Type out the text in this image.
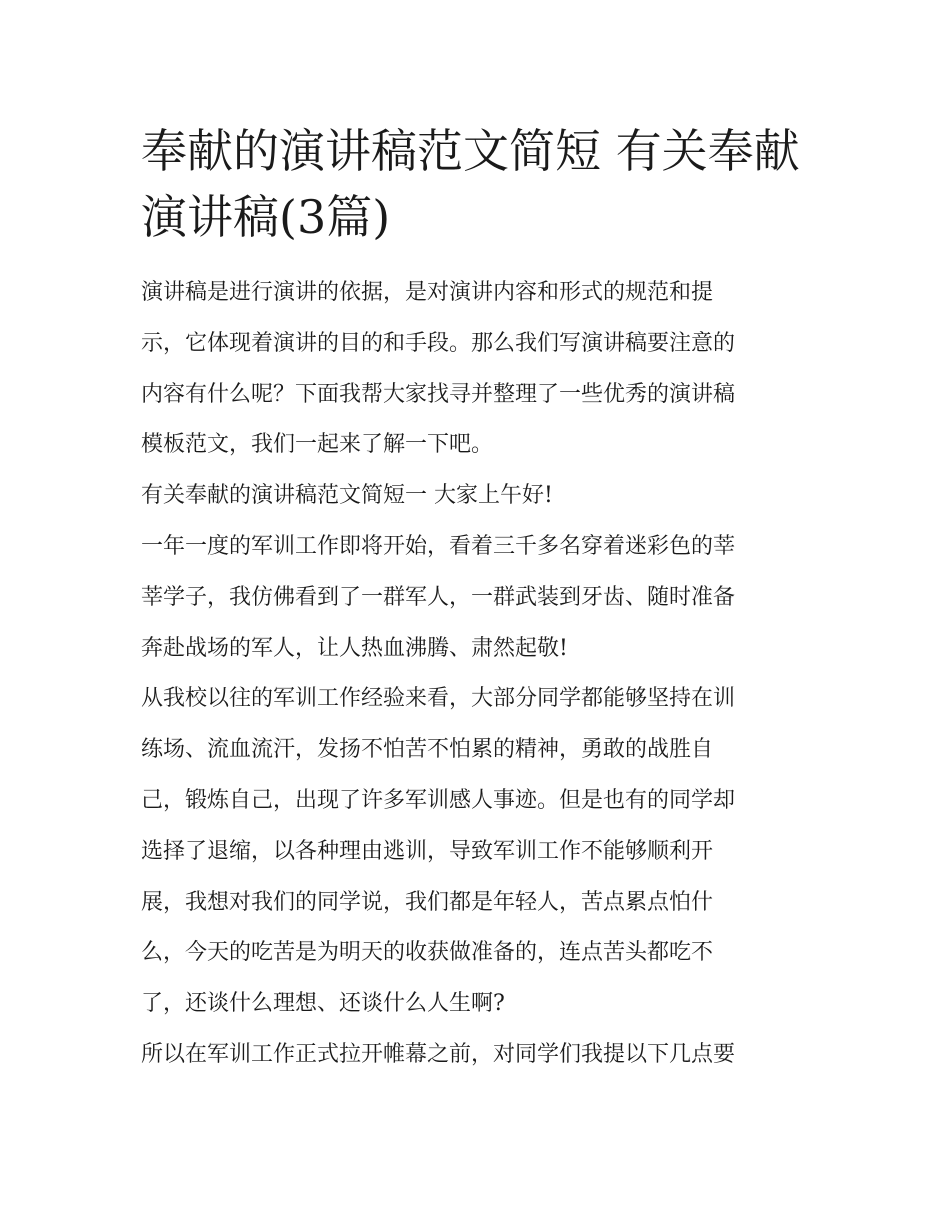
奉献的演讲稿范文简短 有关奉献演讲稿(3篇)
演讲稿是进行演讲的依据，是对演讲内容和形式的规范和提
示，它体现着演讲的目的和手段。那么我们写演讲稿要注意的
内容有什么呢？下面我帮大家找寻并整理了一些优秀的演讲稿
模板范文，我们一起来了解一下吧。
有关奉献的演讲稿范文简短一 大家上午好!
一年一度的军训工作即将开始，看着三千多名穿着迷彩色的莘
莘学子，我仿佛看到了一群军人，一群武装到牙齿、随时准备
奔赴战场的军人，让人热血沸腾、肃然起敬!
从我校以往的军训工作经验来看，大部分同学都能够坚持在训
练场、流血流汗，发扬不怕苦不怕累的精神，勇敢的战胜自
己，锻炼自己，出现了许多军训感人事迹。但是也有的同学却
选择了退缩，以各种理由逃训，导致军训工作不能够顺利开
展，我想对我们的同学说，我们都是年轻人，苦点累点怕什
么，今天的吃苦是为明天的收获做准备的，连点苦头都吃不
了，还谈什么理想、还谈什么人生啊?
所以在军训工作正式拉开帷幕之前，对同学们我提以下几点要
